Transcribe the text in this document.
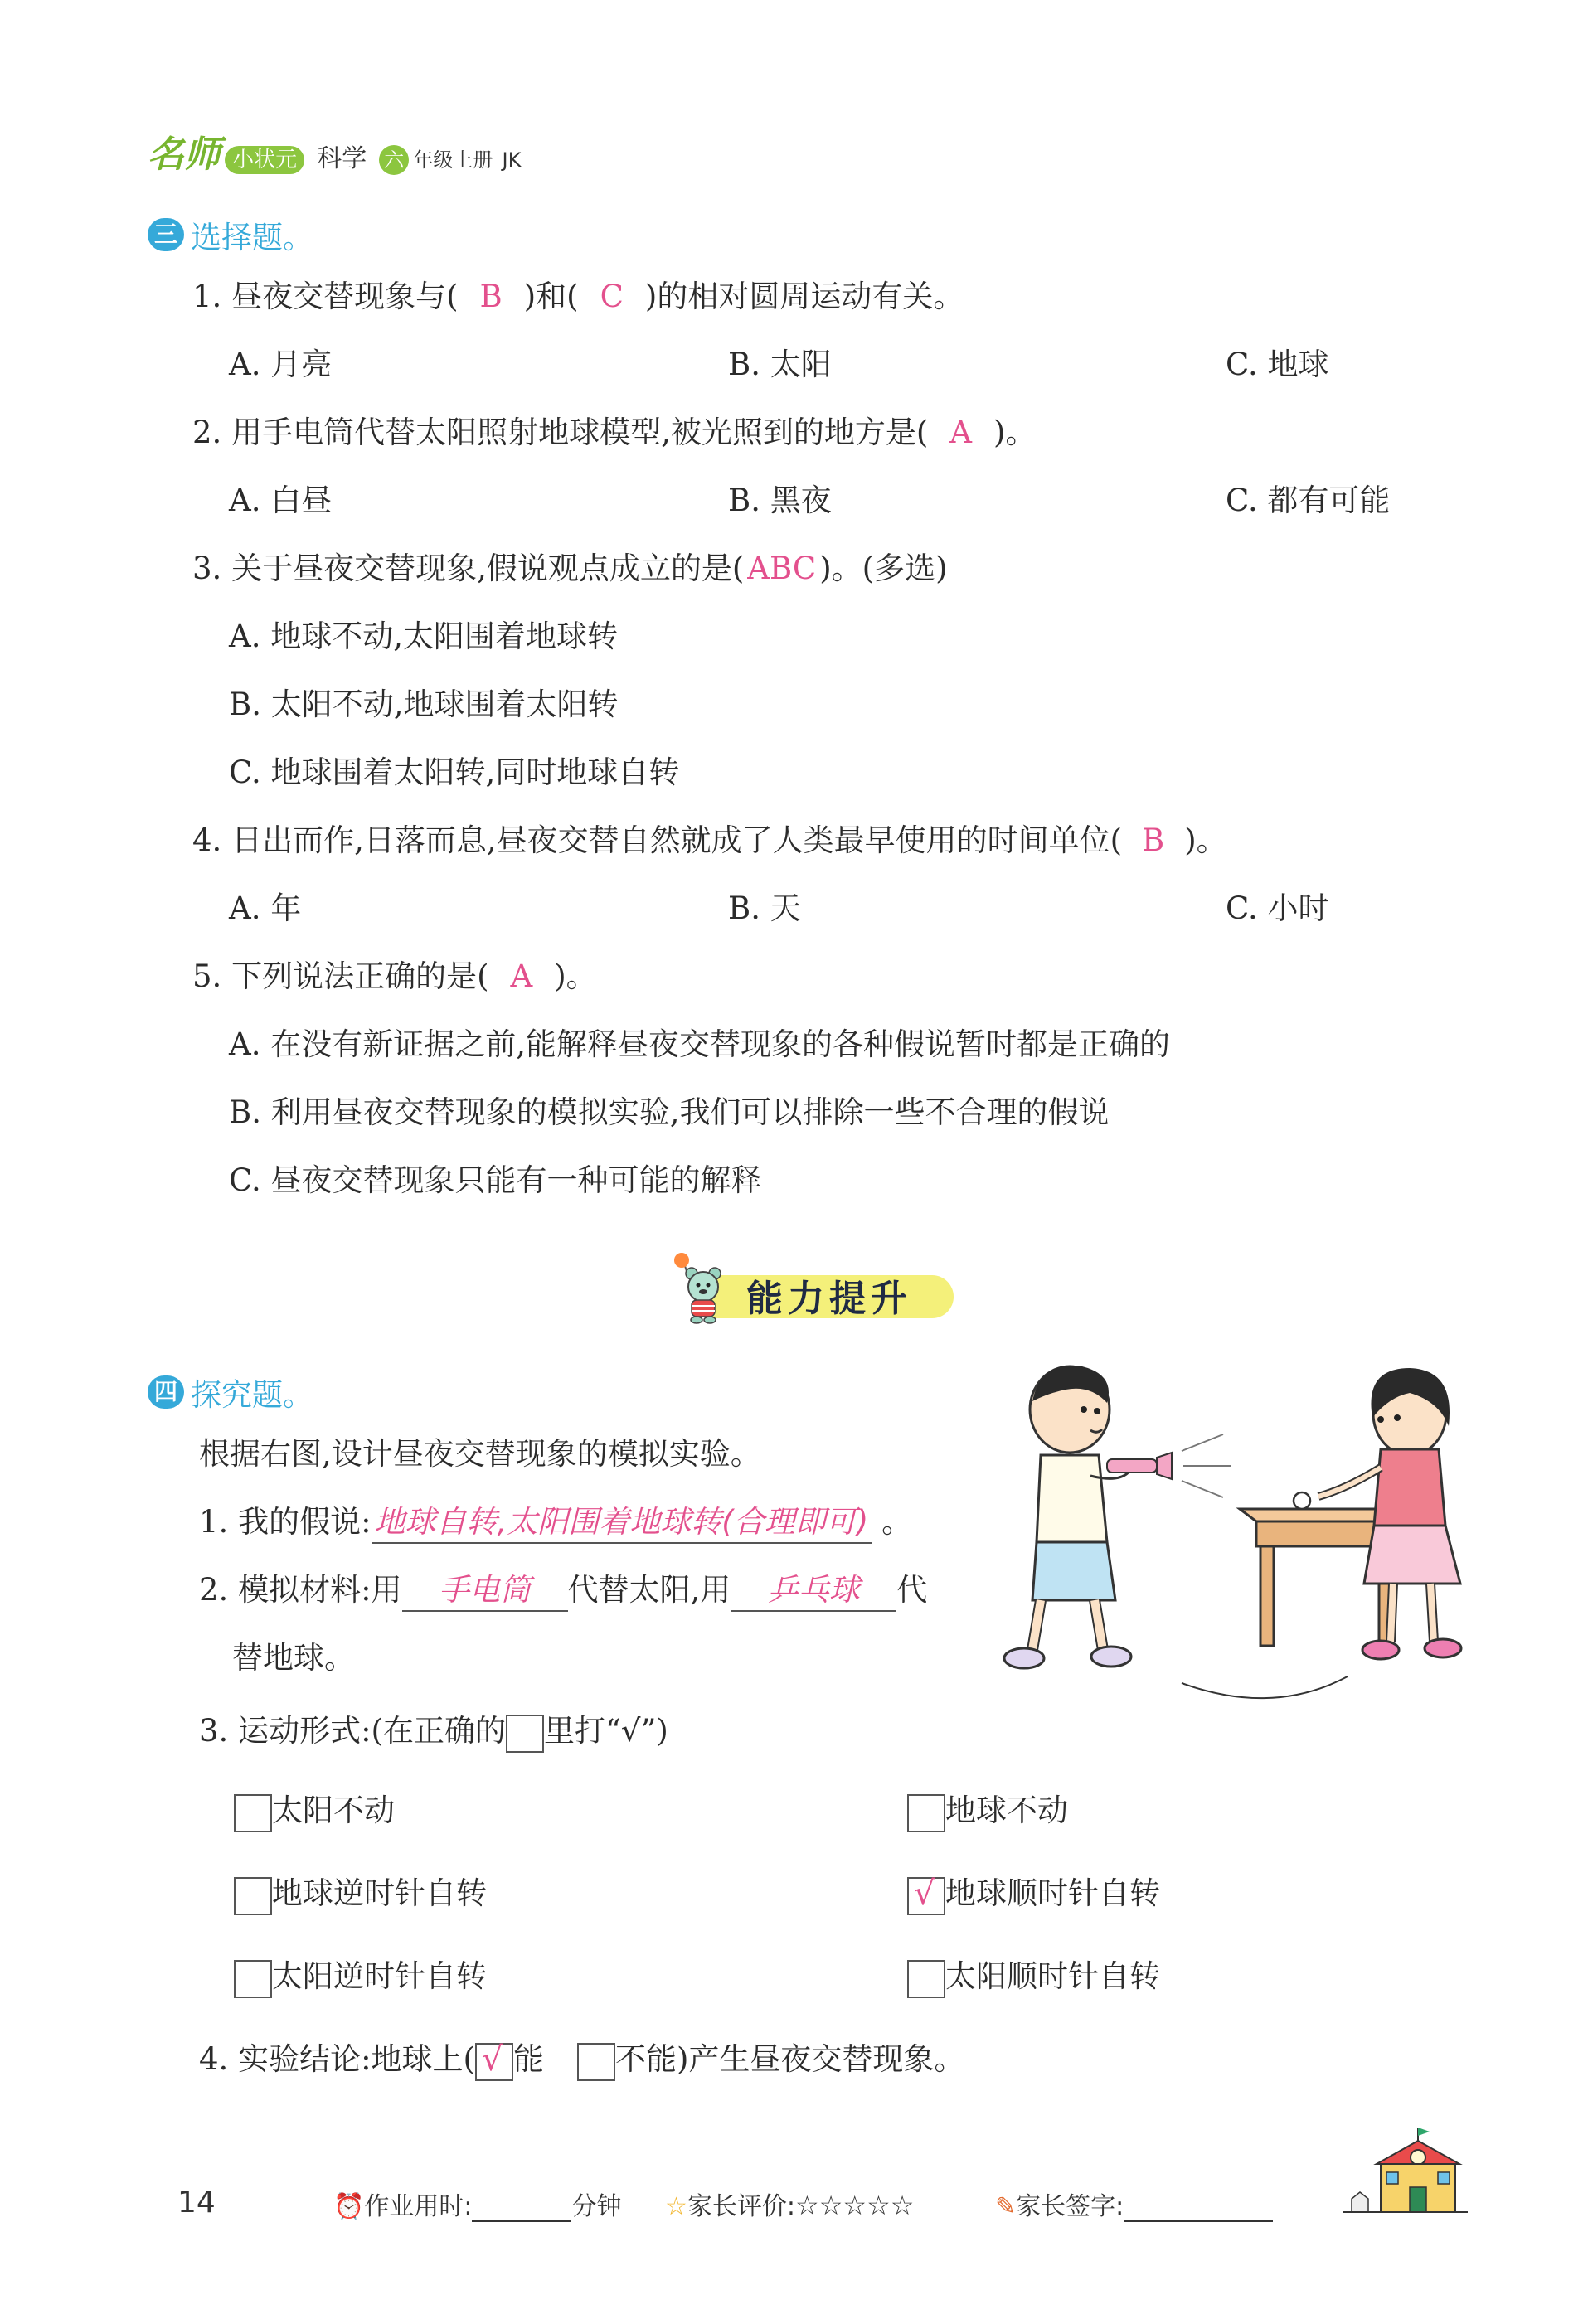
名师 小状元 科学 六 年级上册 JK
三 选择题。
1. 昼夜交替现象与( B )和( C )的相对圆周运动有关。
A. 月亮	B. 太阳	C. 地球
2. 用手电筒代替太阳照射地球模型,被光照到的地方是( A )。
A. 白昼	B. 黑夜	C. 都有可能
3. 关于昼夜交替现象,假说观点成立的是( ABC )。(多选)
A. 地球不动,太阳围着地球转
B. 太阳不动,地球围着太阳转
C. 地球围着太阳转,同时地球自转
4. 日出而作,日落而息,昼夜交替自然就成了人类最早使用的时间单位( B )。
A. 年	B. 天	C. 小时
5. 下列说法正确的是( A )。
A. 在没有新证据之前,能解释昼夜交替现象的各种假说暂时都是正确的
B. 利用昼夜交替现象的模拟实验,我们可以排除一些不合理的假说
C. 昼夜交替现象只能有一种可能的解释
能力提升
四 探究题。
根据右图,设计昼夜交替现象的模拟实验。
1. 我的假说: 地球自转,太阳围着地球转(合理即可) 。
2. 模拟材料:用 手电筒 代替太阳,用 乒乓球 代
替地球。
3. 运动形式:(在正确的 里打“√”)
太阳不动	地球不动
地球逆时针自转	√ 地球顺时针自转
太阳逆时针自转	太阳顺时针自转
4. 实验结论:地球上( √ 能 不能)产生昼夜交替现象。
14	⏰作业用时:	分钟 ☆家长评价:☆☆☆☆☆	✎家长签字:
